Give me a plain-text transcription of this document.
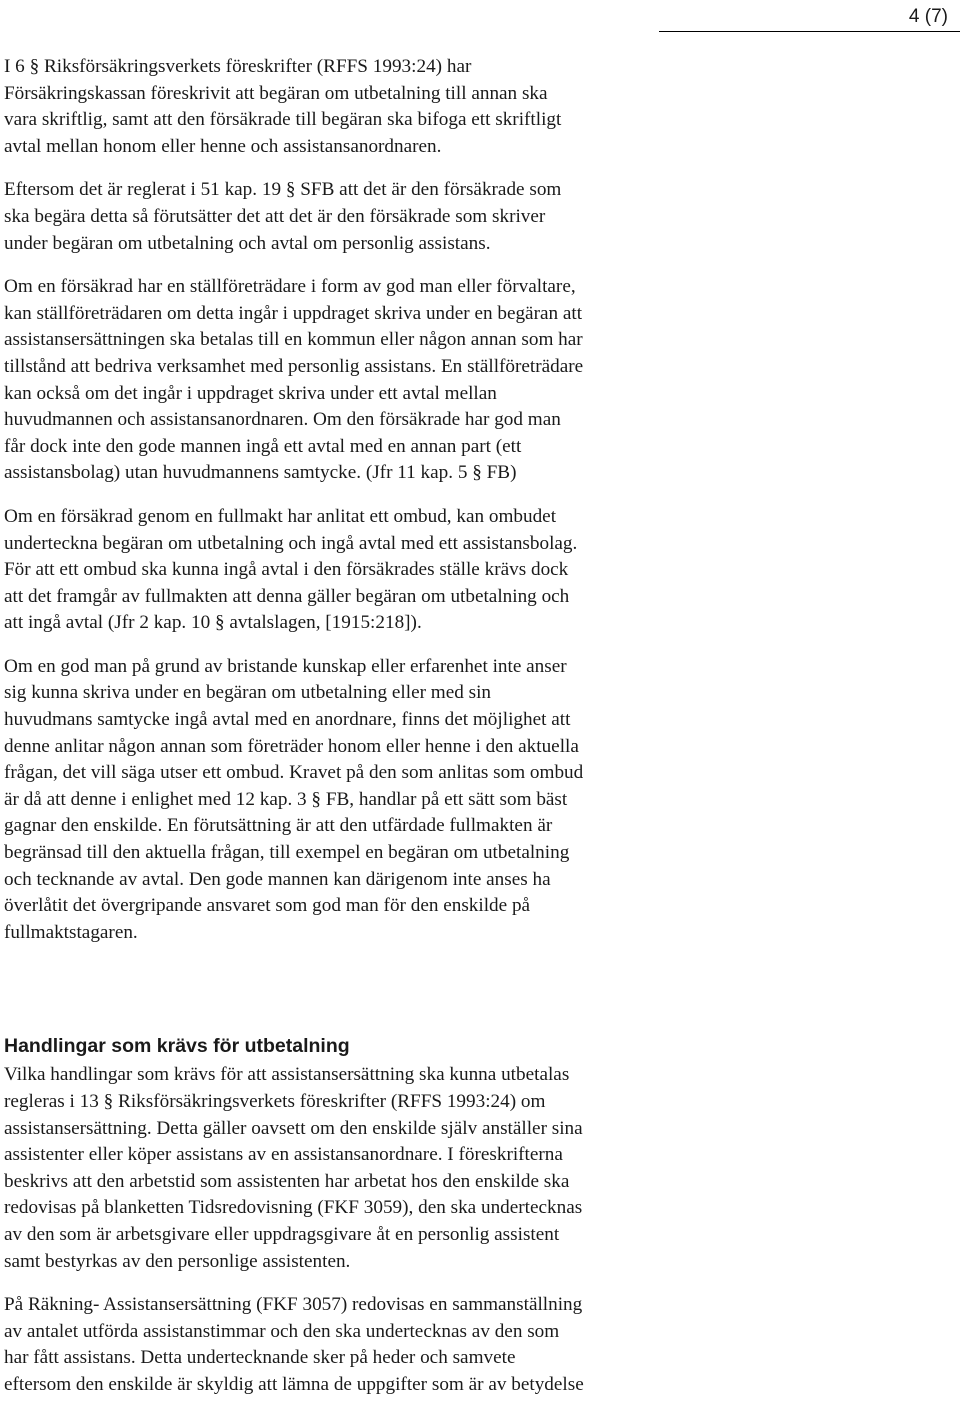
4 (7)
I 6 § Riksförsäkringsverkets föreskrifter (RFFS 1993:24) har
Försäkringskassan föreskrivit att begäran om utbetalning till annan ska
vara skriftlig, samt att den försäkrade till begäran ska bifoga ett skriftligt
avtal mellan honom eller henne och assistansanordnaren.
Eftersom det är reglerat i 51 kap. 19 § SFB att det är den försäkrade som
ska begära detta så förutsätter det att det är den försäkrade som skriver
under begäran om utbetalning och avtal om personlig assistans.
Om en försäkrad har en ställföreträdare i form av god man eller förvaltare,
kan ställföreträdaren om detta ingår i uppdraget skriva under en begäran att
assistansersättningen ska betalas till en kommun eller någon annan som har
tillstånd att bedriva verksamhet med personlig assistans. En ställföreträdare
kan också om det ingår i uppdraget skriva under ett avtal mellan
huvudmannen och assistansanordnaren. Om den försäkrade har god man
får dock inte den gode mannen ingå ett avtal med en annan part (ett
assistansbolag) utan huvudmannens samtycke. (Jfr 11 kap. 5 § FB)
Om en försäkrad genom en fullmakt har anlitat ett ombud, kan ombudet
underteckna begäran om utbetalning och ingå avtal med ett assistansbolag.
För att ett ombud ska kunna ingå avtal i den försäkrades ställe krävs dock
att det framgår av fullmakten att denna gäller begäran om utbetalning och
att ingå avtal (Jfr 2 kap. 10 § avtalslagen, [1915:218]).
Om en god man på grund av bristande kunskap eller erfarenhet inte anser
sig kunna skriva under en begäran om utbetalning eller med sin
huvudmans samtycke ingå avtal med en anordnare, finns det möjlighet att
denne anlitar någon annan som företräder honom eller henne i den aktuella
frågan, det vill säga utser ett ombud. Kravet på den som anlitas som ombud
är då att denne i enlighet med 12 kap. 3 § FB, handlar på ett sätt som bäst
gagnar den enskilde. En förutsättning är att den utfärdade fullmakten är
begränsad till den aktuella frågan, till exempel en begäran om utbetalning
och tecknande av avtal. Den gode mannen kan därigenom inte anses ha
överlåtit det övergripande ansvaret som god man för den enskilde på
fullmaktstagaren.
Handlingar som krävs för utbetalning
Vilka handlingar som krävs för att assistansersättning ska kunna utbetalas
regleras i 13 § Riksförsäkringsverkets föreskrifter (RFFS 1993:24) om
assistansersättning. Detta gäller oavsett om den enskilde själv anställer sina
assistenter eller köper assistans av en assistansanordnare. I föreskrifterna
beskrivs att den arbetstid som assistenten har arbetat hos den enskilde ska
redovisas på blanketten Tidsredovisning (FKF 3059), den ska undertecknas
av den som är arbetsgivare eller uppdragsgivare åt en personlig assistent
samt bestyrkas av den personlige assistenten.
På Räkning- Assistansersättning (FKF 3057) redovisas en sammanställning
av antalet utförda assistanstimmar och den ska undertecknas av den som
har fått assistans. Detta undertecknande sker på heder och samvete
eftersom den enskilde är skyldig att lämna de uppgifter som är av betydelse
